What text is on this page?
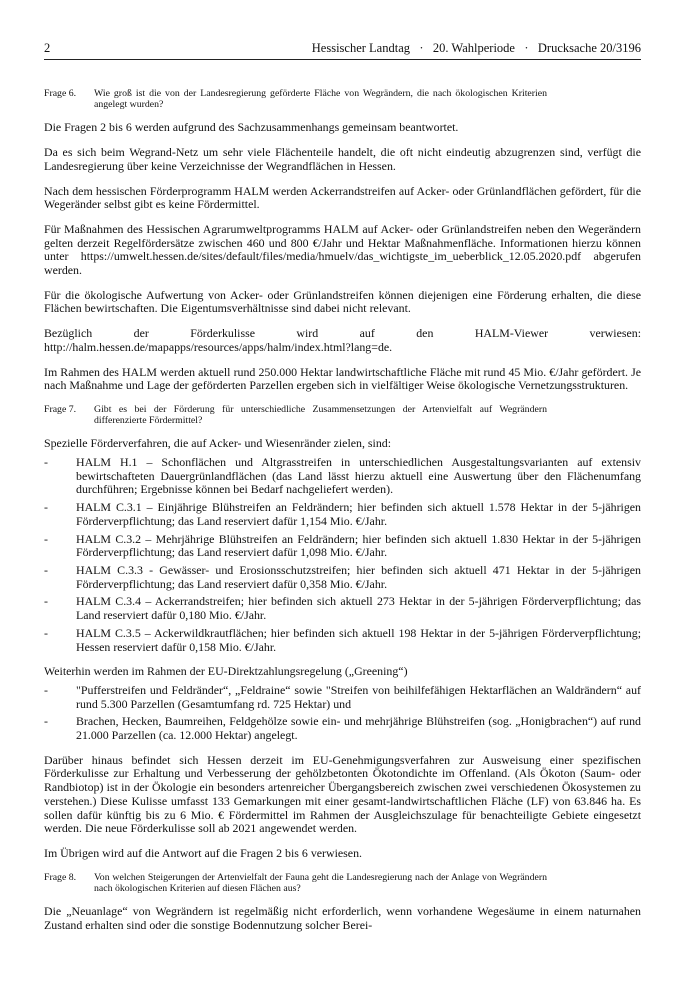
2	Hessischer Landtag   ·   20. Wahlperiode   ·   Drucksache 20/3196
Frage 6.	Wie groß ist die von der Landesregierung geförderte Fläche von Wegrändern, die nach ökologischen Kriterien angelegt wurden?

Die Fragen 2 bis 6 werden aufgrund des Sachzusammenhangs gemeinsam beantwortet.

Da es sich beim Wegrand-Netz um sehr viele Flächenteile handelt, die oft nicht eindeutig abzugrenzen sind, verfügt die Landesregierung über keine Verzeichnisse der Wegrandflächen in Hessen.

Nach dem hessischen Förderprogramm HALM werden Ackerrandstreifen auf Acker- oder Grünlandflächen gefördert, für die Wegeränder selbst gibt es keine Fördermittel.

Für Maßnahmen des Hessischen Agrarumweltprogramms HALM auf Acker- oder Grünlandstreifen neben den Wegerändern gelten derzeit Regelfördersätze zwischen 460 und 800 €/Jahr und Hektar Maßnahmenfläche. Informationen hierzu können unter https://umwelt.hessen.de/sites/default/files/media/hmuelv/das_wichtigste_im_ueberblick_12.05.2020.pdf abgerufen werden.

Für die ökologische Aufwertung von Acker- oder Grünlandstreifen können diejenigen eine Förderung erhalten, die diese Flächen bewirtschaften. Die Eigentumsverhältnisse sind dabei nicht relevant.

Bezüglich der Förderkulisse wird auf den HALM-Viewer verwiesen: http://halm.hessen.de/mapapps/resources/apps/halm/index.html?lang=de.

Im Rahmen des HALM werden aktuell rund 250.000 Hektar landwirtschaftliche Fläche mit rund 45 Mio. €/Jahr gefördert. Je nach Maßnahme und Lage der geförderten Parzellen ergeben sich in vielfältiger Weise ökologische Vernetzungsstrukturen.

Frage 7.	Gibt es bei der Förderung für unterschiedliche Zusammensetzungen der Artenvielfalt auf Wegrändern differenzierte Fördermittel?

Spezielle Förderverfahren, die auf Acker- und Wiesenränder zielen, sind:

-	HALM H.1 – Schonflächen und Altgrasstreifen in unterschiedlichen Ausgestaltungsvarianten auf extensiv bewirtschafteten Dauergrünlandflächen (das Land lässt hierzu aktuell eine Auswertung über den Flächenumfang durchführen; Ergebnisse können bei Bedarf nachgeliefert werden).
-	HALM C.3.1 – Einjährige Blühstreifen an Feldrändern; hier befinden sich aktuell 1.578 Hektar in der 5-jährigen Förderverpflichtung; das Land reserviert dafür 1,154 Mio. €/Jahr.
-	HALM C.3.2 – Mehrjährige Blühstreifen an Feldrändern; hier befinden sich aktuell 1.830 Hektar in der 5-jährigen Förderverpflichtung; das Land reserviert dafür 1,098 Mio. €/Jahr.
-	HALM C.3.3 - Gewässer- und Erosionsschutzstreifen; hier befinden sich aktuell 471 Hektar in der 5-jährigen Förderverpflichtung; das Land reserviert dafür 0,358 Mio. €/Jahr.
-	HALM C.3.4 – Ackerrandstreifen; hier befinden sich aktuell 273 Hektar in der 5-jährigen Förderverpflichtung; das Land reserviert dafür 0,180 Mio. €/Jahr.
-	HALM C.3.5 – Ackerwildkrautflächen; hier befinden sich aktuell 198 Hektar in der 5-jährigen Förderverpflichtung; Hessen reserviert dafür 0,158 Mio. €/Jahr.

Weiterhin werden im Rahmen der EU-Direktzahlungsregelung („Greening“)

-	"Pufferstreifen und Feldränder“, „Feldraine“ sowie "Streifen von beihilfefähigen Hektarflächen an Waldrändern“ auf rund 5.300 Parzellen (Gesamtumfang rd. 725 Hektar) und
-	Brachen, Hecken, Baumreihen, Feldgehölze sowie ein- und mehrjährige Blühstreifen (sog. „Honigbrachen“) auf rund 21.000 Parzellen (ca. 12.000 Hektar) angelegt.

Darüber hinaus befindet sich Hessen derzeit im EU-Genehmigungsverfahren zur Ausweisung einer spezifischen Förderkulisse zur Erhaltung und Verbesserung der gehölzbetonten Ökotondichte im Offenland. (Als Ökoton (Saum- oder Randbiotop) ist in der Ökologie ein besonders artenreicher Übergangsbereich zwischen zwei verschiedenen Ökosystemen zu verstehen.) Diese Kulisse umfasst 133 Gemarkungen mit einer gesamt-landwirtschaftlichen Fläche (LF) von 63.846 ha. Es sollen dafür künftig bis zu 6 Mio. € Fördermittel im Rahmen der Ausgleichszulage für benachteiligte Gebiete eingesetzt werden. Die neue Förderkulisse soll ab 2021 angewendet werden.

Im Übrigen wird auf die Antwort auf die Fragen 2 bis 6 verwiesen.

Frage 8.	Von welchen Steigerungen der Artenvielfalt der Fauna geht die Landesregierung nach der Anlage von Wegrändern nach ökologischen Kriterien auf diesen Flächen aus?

Die „Neuanlage“ von Wegrändern ist regelmäßig nicht erforderlich, wenn vorhandene Wegesäume in einem naturnahen Zustand erhalten sind oder die sonstige Bodennutzung solcher Berei-
